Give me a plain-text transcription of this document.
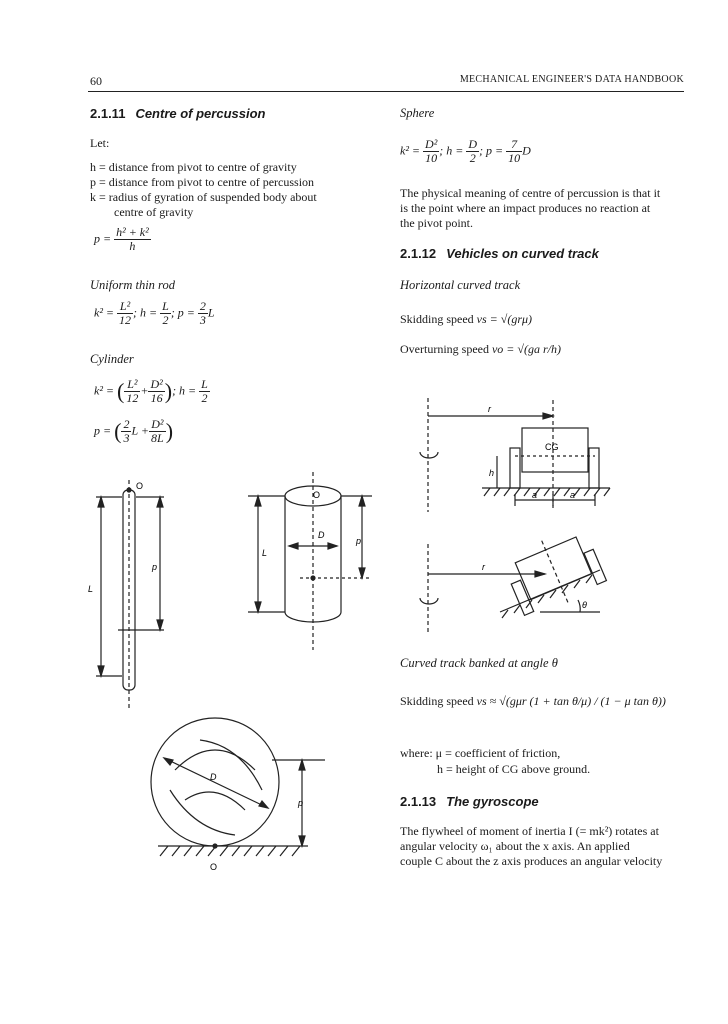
60	MECHANICAL ENGINEER'S DATA HANDBOOK
2.1.11 Centre of percussion
Let:
h = distance from pivot to centre of gravity
p = distance from pivot to centre of percussion
k = radius of gyration of suspended body about
centre of gravity
$p = \frac{\text{h² + k²}}{h}$
Uniform thin rod
$k^2 = \frac{\text{L²}}{12}$ ; $h = \frac{L}{2}$ ; $p = \frac{2}{3}$ L
Cylinder
k² = ( $\frac{\text{L²}}{12} + \frac{\text{D²}}{16}$ ); $h = \frac{L}{2}$
p = ( $\frac{2}{3}$ $L + \frac{\text{D²}}{8L}$ )
O
L
p
O
D
L
p
D
p
O
Sphere
$k^2 = \frac{\text{D²}}{10}$ ; $h = \frac{D}{2}$ ; $p = \frac{7}{10}$ D
The physical meaning of centre of percussion is that it
is the point where an impact produces no reaction at
the pivot point.
2.1.12 Vehicles on curved track
Horizontal curved track
Skidding speed vs = √(grμ)
Overturning speed vo = √(ga r/h)
r
CG
h
a	a
r
θ
Curved track banked at angle θ
Skidding speed vs ≈ √(gμr (1 + tan θ/μ) / (1 − μ tan θ))
where: μ = coefficient of friction,
h = height of CG above ground.
2.1.13 The gyroscope
The flywheel of moment of inertia I (= mk²) rotates at
angular velocity ω₁ about the x axis. An applied
couple C about the z axis produces an angular velocity
